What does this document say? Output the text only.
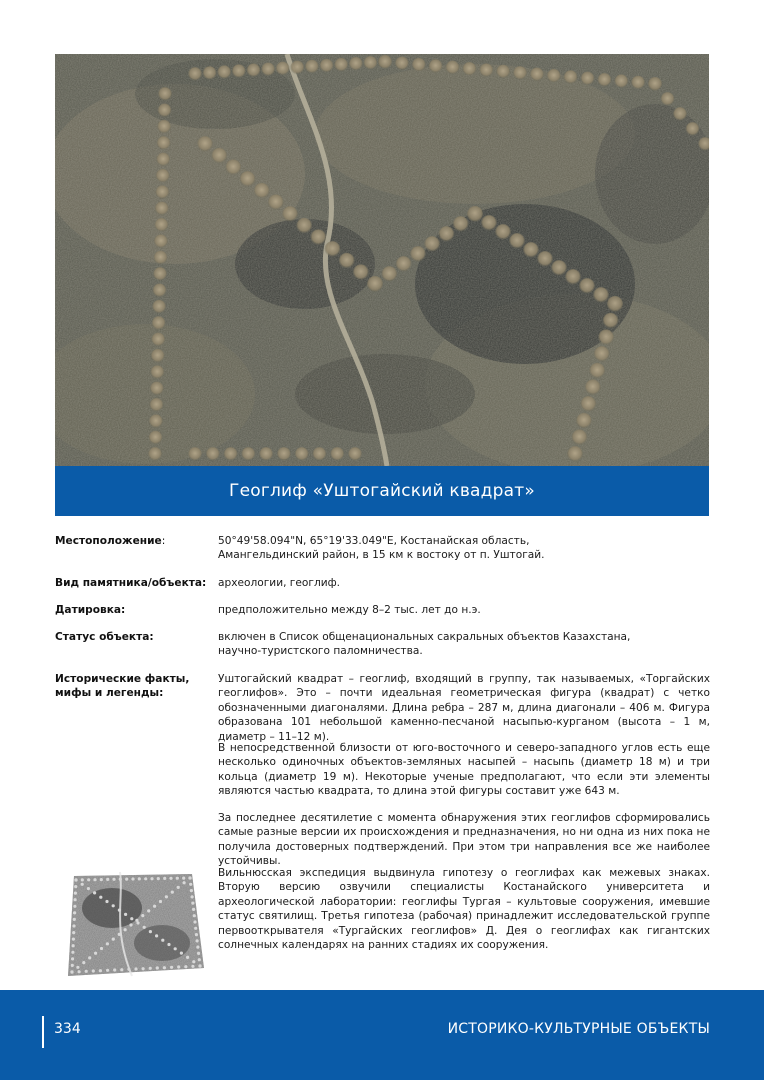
Геоглиф «Уштогайский квадрат»
Местоположение:	50°49'58.094"N, 65°19'33.049"E, Костанайская область,
Амангельдинский район, в 15 км к востоку от п. Уштогай.
Вид памятника/объекта:	археологии, геоглиф.
Датировка:	предположительно между 8–2 тыс. лет до н.э.
Статус объекта:	включен в Список общенациональных сакральных объектов Казахстана,
научно-туристского паломничества.
Исторические факты,
мифы и легенды:
Уштогайский квадрат – геоглиф, входящий в группу, так называемых, «Торгайских геоглифов». Это – почти идеальная геометрическая фигура (квадрат) с четко обозначенными диагоналями. Длина ребра – 287 м, длина диагонали – 406 м. Фигура образована 101 небольшой каменно-песчаной насыпью-курганом (высота – 1 м, диаметр – 11–12 м).
В непосредственной близости от юго-восточного и северо-западного углов есть еще несколько одиночных объектов-земляных насыпей – насыпь (диаметр 18 м) и три кольца (диаметр 19 м). Некоторые ученые предполагают, что если эти элементы являются частью квадрата, то длина этой фигуры составит уже 643 м.
За последнее десятилетие с момента обнаружения этих геоглифов сформировались самые разные версии их происхождения и предназначения, но ни одна из них пока не получила достоверных подтверждений. При этом три направления все же наиболее устойчивы.
Вильнюсская экспедиция выдвинула гипотезу о геоглифах как межевых знаках. Вторую версию озвучили специалисты Костанайского университета и археологической лаборатории: геоглифы Тургая – культовые сооружения, имевшие статус святилищ. Третья гипотеза (рабочая) принадлежит исследовательской группе первооткрывателя «Тургайских геоглифов» Д. Дея о геоглифах как гигантских солнечных календарях на ранних стадиях их сооружения.
334	ИСТОРИКО-КУЛЬТУРНЫЕ ОБЪЕКТЫ
